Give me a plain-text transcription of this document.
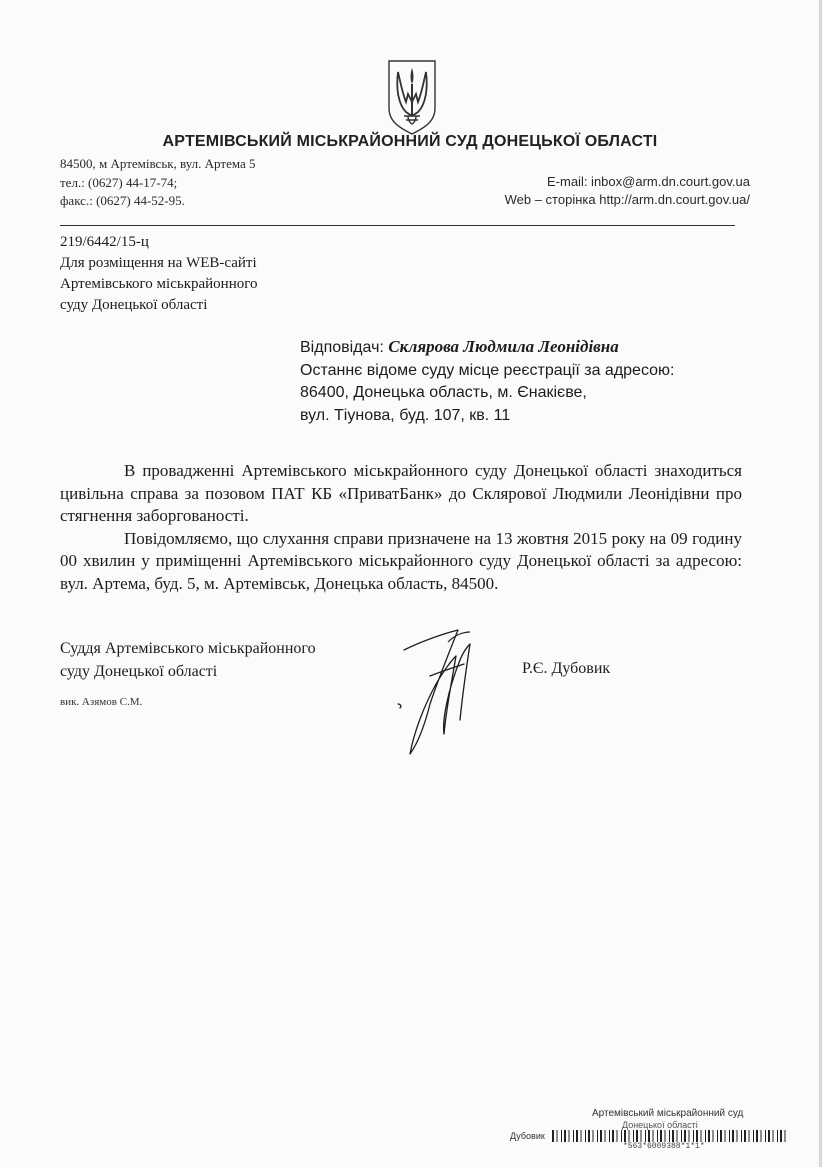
АРТЕМІВСЬКИЙ МІСЬКРАЙОННИЙ СУД ДОНЕЦЬКОЇ ОБЛАСТІ
84500, м Артемівськ, вул. Артема 5
тел.: (0627) 44-17-74;
факс.: (0627) 44-52-95.
E-mail: inbox@arm.dn.court.gov.ua
Web – сторінка http://arm.dn.court.gov.ua/
219/6442/15-ц
Для розміщення на WEB-сайті
Артемівського міськрайонного
суду Донецької області
Відповідач: Склярова Людмила Леонідівна
Останнє відоме суду місце реєстрації за адресою:
86400, Донецька область, м. Єнакієве,
вул. Тіунова, буд. 107, кв. 11

В провадженні Артемівського міськрайонного суду Донецької області знаходиться цивільна справа за позовом ПАТ КБ «ПриватБанк» до Склярової Людмили Леонідівни про стягнення заборгованості.

Повідомляємо, що слухання справи призначене на 13 жовтня 2015 року на 09 годину 00 хвилин у приміщенні Артемівського міськрайонного суду Донецької області за адресою: вул. Артема, буд. 5, м. Артемівськ, Донецька область, 84500.

Суддя Артемівського міськрайонного
суду Донецької області	Р.Є. Дубовик
вик. Азямов С.М.
Артемівський міськрайонний суд
Донецької області
Дубовик
*563*6009388*1*1*
